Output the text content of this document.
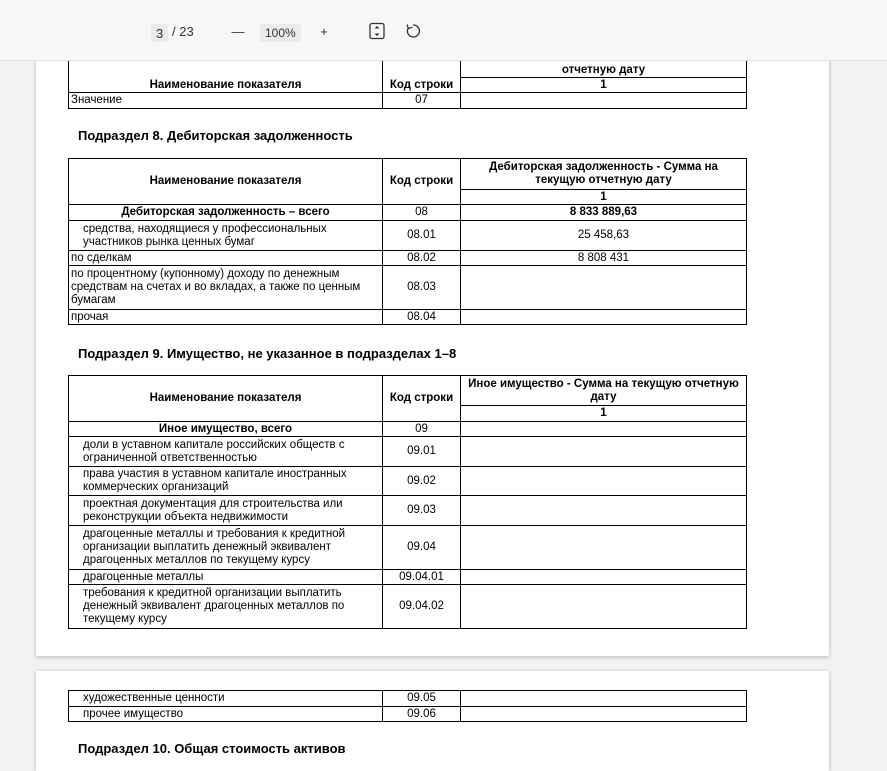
3 / 23	—	100%	+
Наименование показателя	Код строки	отчетную дату
		1
Значение	07	
Подраздел 8. Дебиторская задолженность
Наименование показателя	Код строки	Дебиторская задолженность - Сумма на текущую отчетную дату
		1
Дебиторская задолженность – всего	08	8 833 889,63
средства, находящиеся у профессиональных участников рынка ценных бумаг	08.01	25 458,63
по сделкам	08.02	8 808 431
по процентному (купонному) доходу по денежным средствам на счетах и во вкладах, а также по ценным бумагам	08.03	
прочая	08.04	
Подраздел 9. Имущество, не указанное в подразделах 1–8
Наименование показателя	Код строки	Иное имущество - Сумма на текущую отчетную дату
		1
Иное имущество, всего	09	
доли в уставном капитале российских обществ с ограниченной ответственностью	09.01	
права участия в уставном капитале иностранных коммерческих организаций	09.02	
проектная документация для строительства или реконструкции объекта недвижимости	09.03	
драгоценные металлы и требования к кредитной организации выплатить денежный эквивалент драгоценных металлов по текущему курсу	09.04	
драгоценные металлы	09.04.01	
требования к кредитной организации выплатить денежный эквивалент драгоценных металлов по текущему курсу	09.04.02	
художественные ценности	09.05	
прочее имущество	09.06	
Подраздел 10. Общая стоимость активов
